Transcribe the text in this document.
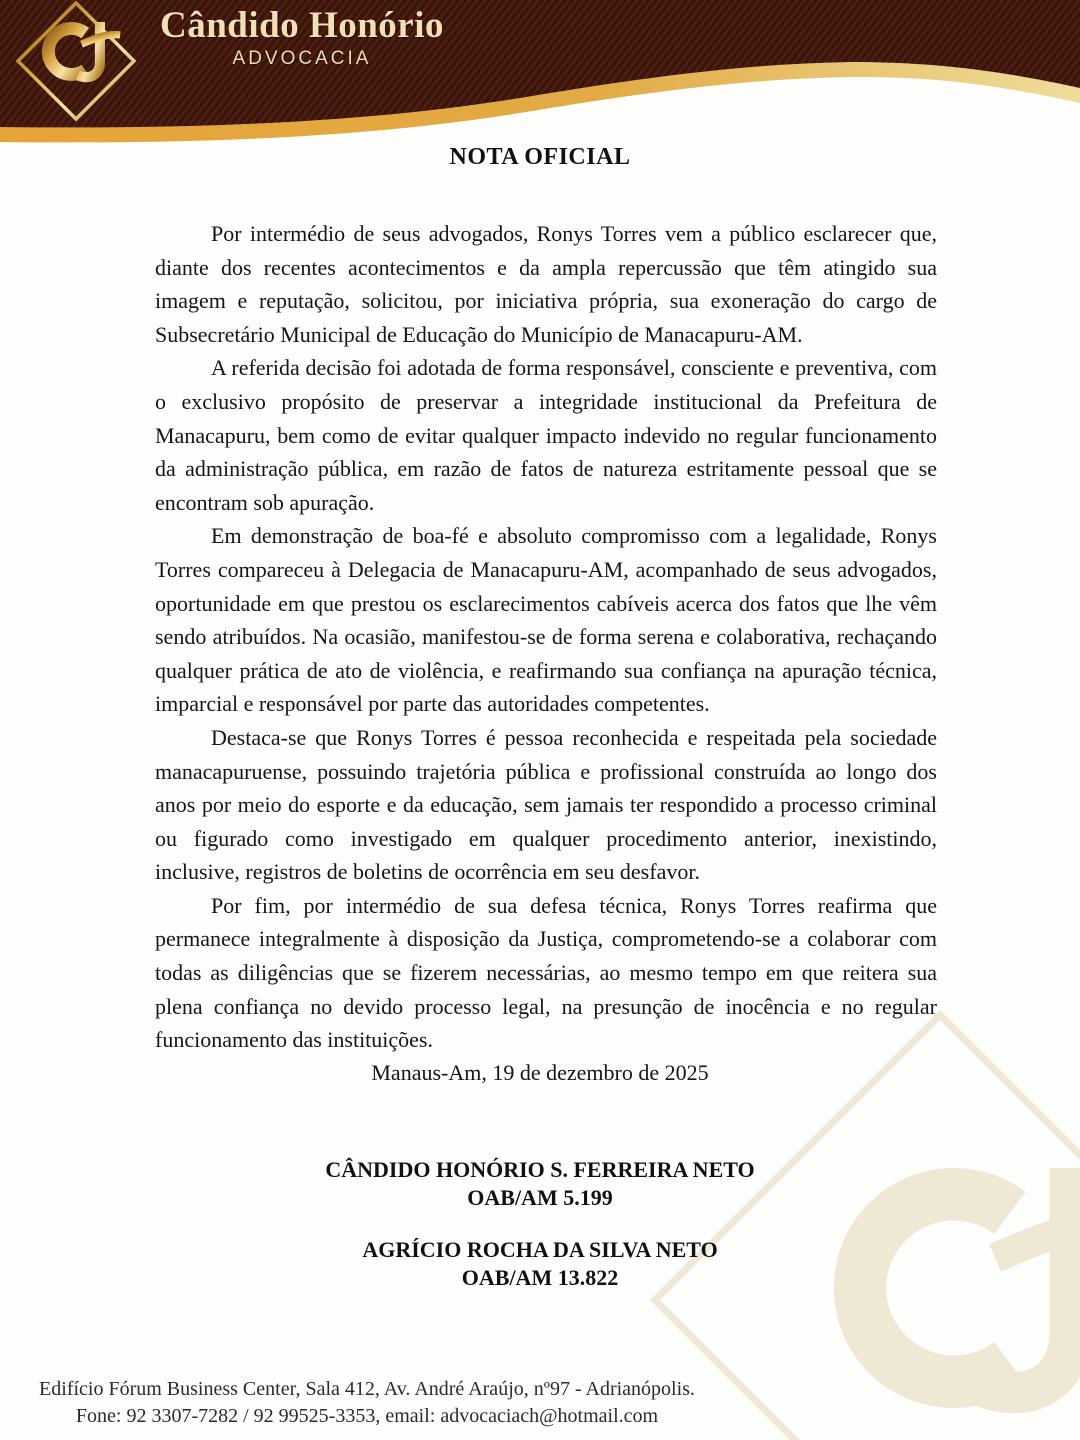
Cândido Honório
ADVOCACIA
NOTA OFICIAL

Por intermédio de seus advogados, Ronys Torres vem a público esclarecer que, diante dos recentes acontecimentos e da ampla repercussão que têm atingido sua imagem e reputação, solicitou, por iniciativa própria, sua exoneração do cargo de Subsecretário Municipal de Educação do Município de Manacapuru-AM.

A referida decisão foi adotada de forma responsável, consciente e preventiva, com o exclusivo propósito de preservar a integridade institucional da Prefeitura de Manacapuru, bem como de evitar qualquer impacto indevido no regular funcionamento da administração pública, em razão de fatos de natureza estritamente pessoal que se encontram sob apuração.

Em demonstração de boa-fé e absoluto compromisso com a legalidade, Ronys Torres compareceu à Delegacia de Manacapuru-AM, acompanhado de seus advogados, oportunidade em que prestou os esclarecimentos cabíveis acerca dos fatos que lhe vêm sendo atribuídos. Na ocasião, manifestou-se de forma serena e colaborativa, rechaçando qualquer prática de ato de violência, e reafirmando sua confiança na apuração técnica, imparcial e responsável por parte das autoridades competentes.

Destaca-se que Ronys Torres é pessoa reconhecida e respeitada pela sociedade manacapuruense, possuindo trajetória pública e profissional construída ao longo dos anos por meio do esporte e da educação, sem jamais ter respondido a processo criminal ou figurado como investigado em qualquer procedimento anterior, inexistindo, inclusive, registros de boletins de ocorrência em seu desfavor.

Por fim, por intermédio de sua defesa técnica, Ronys Torres reafirma que permanece integralmente à disposição da Justiça, comprometendo-se a colaborar com todas as diligências que se fizerem necessárias, ao mesmo tempo em que reitera sua plena confiança no devido processo legal, na presunção de inocência e no regular funcionamento das instituições.

Manaus-Am, 19 de dezembro de 2025
CÂNDIDO HONÓRIO S. FERREIRA NETO
OAB/AM 5.199
AGRÍCIO ROCHA DA SILVA NETO
OAB/AM 13.822
Edifício Fórum Business Center, Sala 412, Av. André Araújo, nº97 - Adrianópolis.
Fone: 92 3307-7282 / 92 99525-3353, email: advocaciach@hotmail.com
